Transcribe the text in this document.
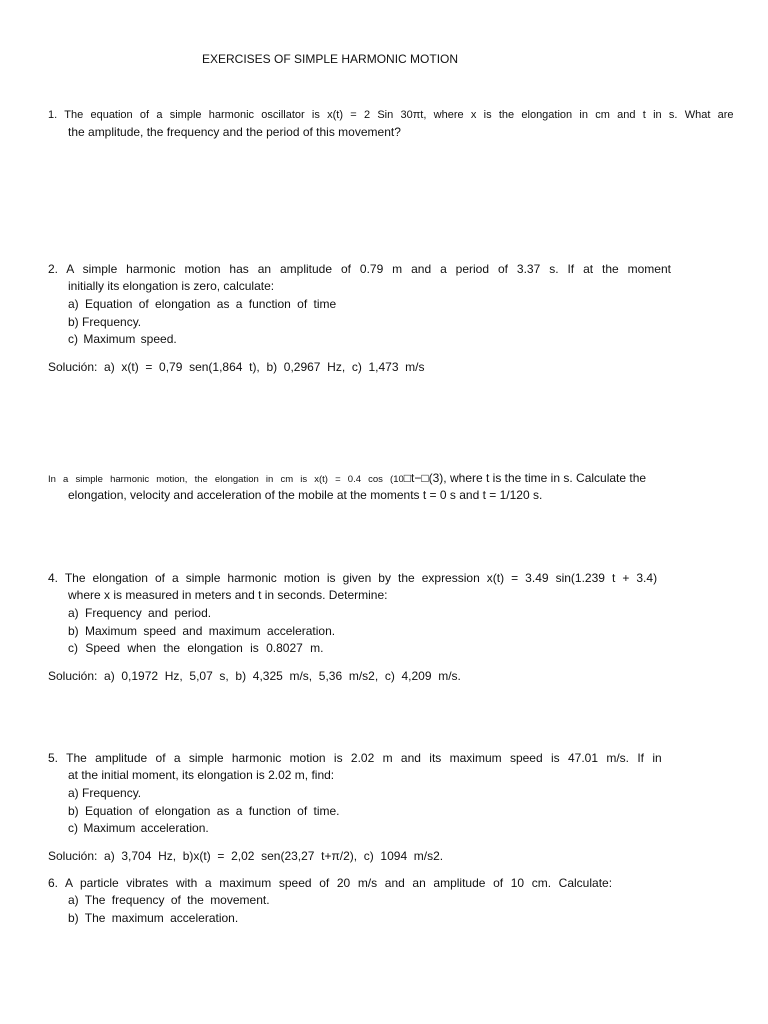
EXERCISES OF SIMPLE HARMONIC MOTION
1. The equation of a simple harmonic oscillator is x(t) = 2 Sin 30πt, where x is the elongation in cm and t in s. What are
the amplitude, the frequency and the period of this movement?
2. A simple harmonic motion has an amplitude of 0.79 m and a period of 3.37 s. If at the moment
initially its elongation is zero, calculate:
a) Equation of elongation as a function of time
b) Frequency.
c) Maximum speed.
Solución:  a)  x(t)  =  0,79  sen(1,864  t),  b)  0,2967  Hz,  c)  1,473  m/s
In a simple harmonic motion, the elongation in cm is x(t) = 0.4 cos (10□t−□(3), where t is the time in s. Calculate the
elongation, velocity and acceleration of the mobile at the moments t = 0 s and t = 1/120 s.
4. The elongation of a simple harmonic motion is given by the expression x(t) = 3.49 sin(1.239 t + 3.4)
where x is measured in meters and t in seconds. Determine:
a) Frequency and period.
b) Maximum speed and maximum acceleration.
c) Speed when the elongation is 0.8027 m.
Solución:  a)  0,1972  Hz,  5,07  s,  b)  4,325  m/s,  5,36  m/s2,  c)  4,209  m/s.
5. The amplitude of a simple harmonic motion is 2.02 m and its maximum speed is 47.01 m/s. If in
at the initial moment, its elongation is 2.02 m, find:
a) Frequency.
b) Equation of elongation as a function of time.
c) Maximum acceleration.
Solución:  a)  3,704  Hz,  b)x(t)  =  2,02  sen(23,27  t+π/2),  c)  1094  m/s2.
6. A particle vibrates with a maximum speed of 20 m/s and an amplitude of 10 cm. Calculate:
a) The frequency of the movement.
b) The maximum acceleration.
